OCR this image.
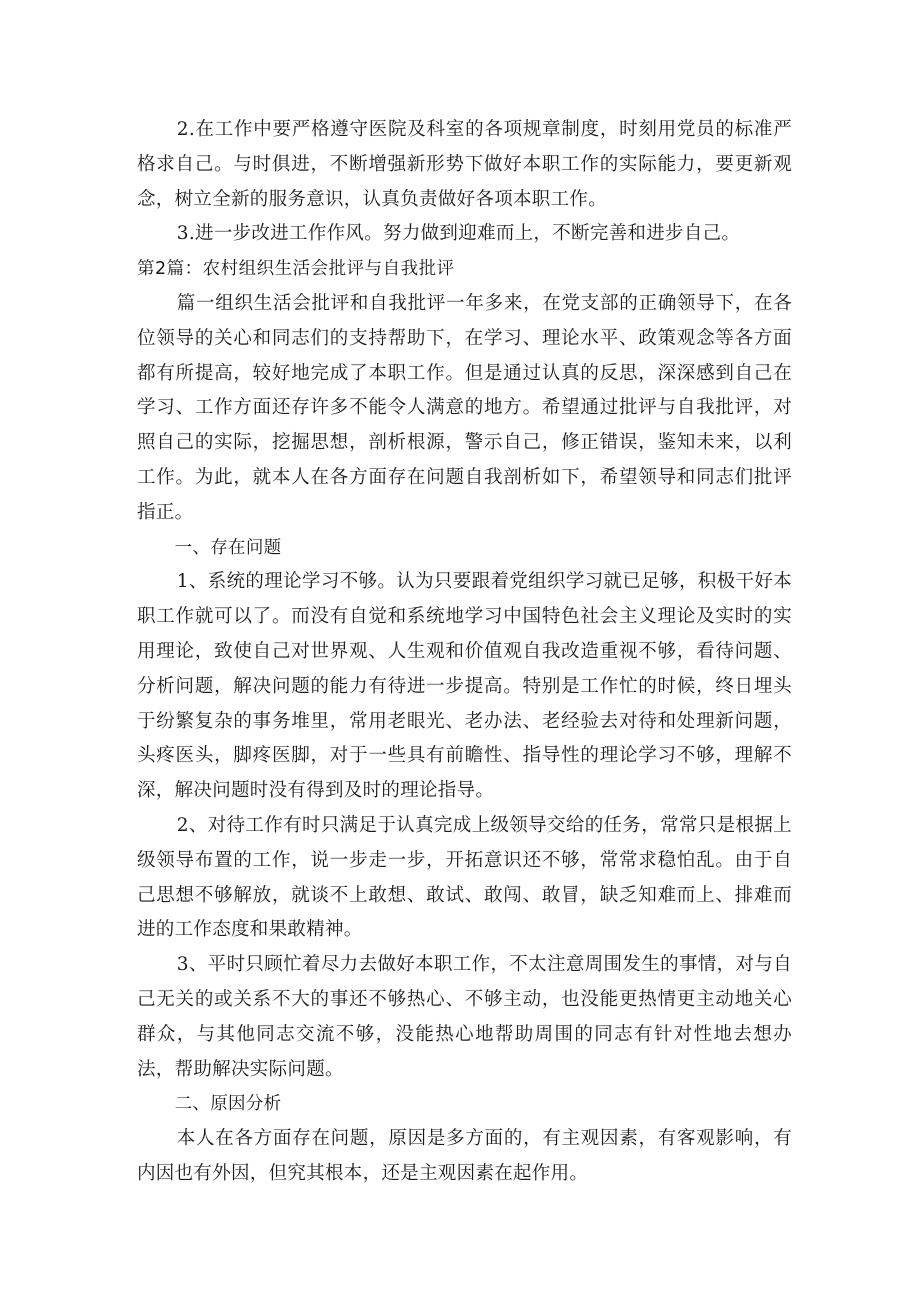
2.在工作中要严格遵守医院及科室的各项规章制度，时刻用党员的标准严格求自己。与时俱进，不断增强新形势下做好本职工作的实际能力，要更新观念，树立全新的服务意识，认真负责做好各项本职工作。

3.进一步改进工作作风。努力做到迎难而上，不断完善和进步自己。

第2篇：农村组织生活会批评与自我批评

篇一组织生活会批评和自我批评一年多来，在党支部的正确领导下，在各位领导的关心和同志们的支持帮助下，在学习、理论水平、政策观念等各方面都有所提高，较好地完成了本职工作。但是通过认真的反思，深深感到自己在学习、工作方面还存许多不能令人满意的地方。希望通过批评与自我批评，对照自己的实际，挖掘思想，剖析根源，警示自己，修正错误，鉴知未来，以利工作。为此，就本人在各方面存在问题自我剖析如下，希望领导和同志们批评指正。

一、存在问题

1、系统的理论学习不够。认为只要跟着党组织学习就已足够，积极干好本职工作就可以了。而没有自觉和系统地学习中国特色社会主义理论及实时的实用理论，致使自己对世界观、人生观和价值观自我改造重视不够，看待问题、分析问题，解决问题的能力有待进一步提高。特别是工作忙的时候，终日埋头于纷繁复杂的事务堆里，常用老眼光、老办法、老经验去对待和处理新问题，头疼医头，脚疼医脚，对于一些具有前瞻性、指导性的理论学习不够，理解不深，解决问题时没有得到及时的理论指导。

2、对待工作有时只满足于认真完成上级领导交给的任务，常常只是根据上级领导布置的工作，说一步走一步，开拓意识还不够，常常求稳怕乱。由于自己思想不够解放，就谈不上敢想、敢试、敢闯、敢冒，缺乏知难而上、排难而进的工作态度和果敢精神。

3、平时只顾忙着尽力去做好本职工作，不太注意周围发生的事情，对与自己无关的或关系不大的事还不够热心、不够主动，也没能更热情更主动地关心群众，与其他同志交流不够，没能热心地帮助周围的同志有针对性地去想办法，帮助解决实际问题。

二、原因分析

本人在各方面存在问题，原因是多方面的，有主观因素，有客观影响，有内因也有外因，但究其根本，还是主观因素在起作用。
